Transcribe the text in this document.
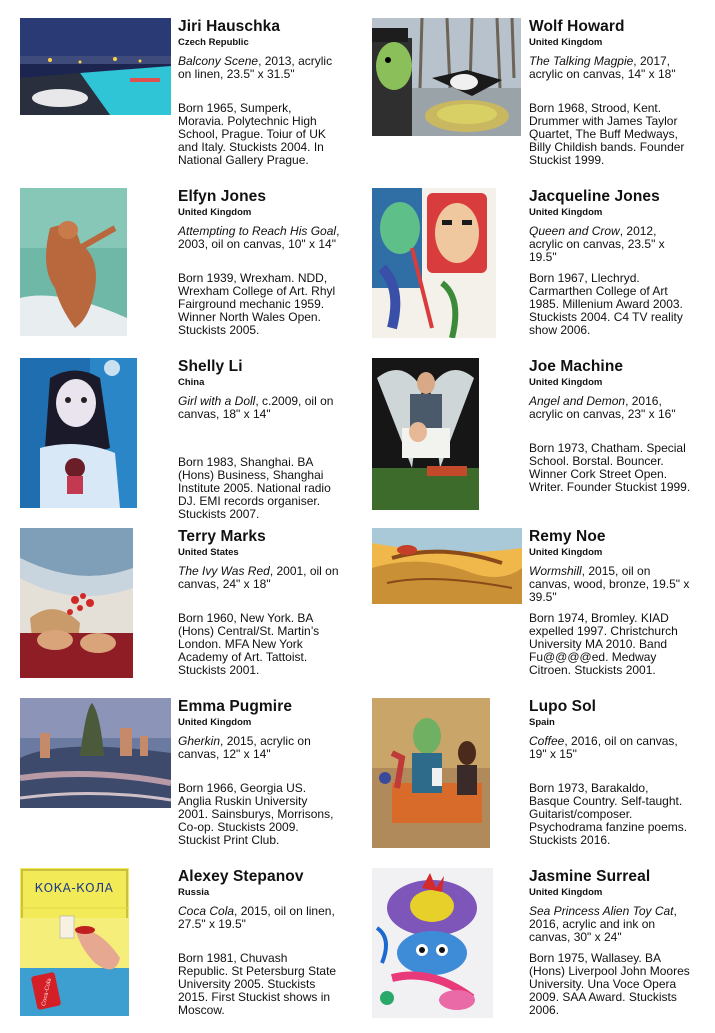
Jiri Hauschka
Czech Republic
Balcony Scene, 2013, acrylic on linen, 23.5" x 31.5"
Born 1965, Sumperk, Moravia. Polytechnic High School, Prague. Toiur of UK and Italy. Stuckists 2004. In National Gallery Prague.
Wolf Howard
United Kingdom
The Talking Magpie, 2017, acrylic on canvas, 14" x 18"
Born 1968, Strood, Kent. Drummer with James Taylor Quartet, The Buff Medways, Billy Childish bands. Founder Stuckist 1999.
Elfyn Jones
United Kingdom
Attempting to Reach His Goal, 2003, oil on canvas, 10" x 14"
Born 1939, Wrexham. NDD, Wrexham College of Art. Rhyl Fairground mechanic 1959. Winner North Wales Open. Stuckists 2005.
Jacqueline Jones
United Kingdom
Queen and Crow, 2012, acrylic on canvas, 23.5" x 19.5"
Born 1967, Llechryd. Carmarthen College of Art 1985. Millenium Award 2003. Stuckists 2004. C4 TV reality show 2006.
Shelly Li
China
Girl with a Doll, c.2009, oil on canvas, 18" x 14"
Born 1983, Shanghai. BA (Hons) Business, Shanghai Institute 2005. National radio DJ. EMI records organiser. Stuckists 2007.
Joe Machine
United Kingdom
Angel and Demon, 2016, acrylic on canvas, 23" x 16"
Born 1973, Chatham. Special School. Borstal. Bouncer. Winner Cork Street Open. Writer. Founder Stuckist 1999.
Terry Marks
United States
The Ivy Was Red, 2001, oil on canvas, 24" x 18"
Born 1960, New York. BA (Hons) Central/St. Martin’s London. MFA New York Academy of Art. Tattoist. Stuckists 2001.
Remy Noe
United Kingdom
Wormshill, 2015, oil on canvas, wood, bronze, 19.5" x 39.5"
Born 1974, Bromley. KIAD expelled 1997. Christchurch University MA 2010. Band Fu@@@@ed. Medway Citroen. Stuckists 2001.
Emma Pugmire
United Kingdom
Gherkin, 2015, acrylic on canvas, 12" x 14"
Born 1966, Georgia US. Anglia Ruskin University 2001. Sainsburys, Morrisons, Co-op. Stuckists 2009. Stuckist Print Club.
Lupo Sol
Spain
Coffee, 2016, oil on canvas, 19" x 15"
Born 1973, Barakaldo, Basque Country. Self-taught. Guitarist/composer. Psychodrama fanzine poems. Stuckists 2016.
КОКА-КОЛА
Coca-Cola
Alexey Stepanov
Russia
Coca Cola, 2015, oil on linen, 27.5" x 19.5"
Born 1981, Chuvash Republic. St Petersburg State University 2005. Stuckists 2015. First Stuckist shows in Moscow.
Jasmine Surreal
United Kingdom
Sea Princess Alien Toy Cat, 2016, acrylic and ink on canvas, 30" x 24"
Born 1975, Wallasey. BA (Hons) Liverpool John Moores University. Una Voce Opera 2009. SAA Award. Stuckists 2006.
